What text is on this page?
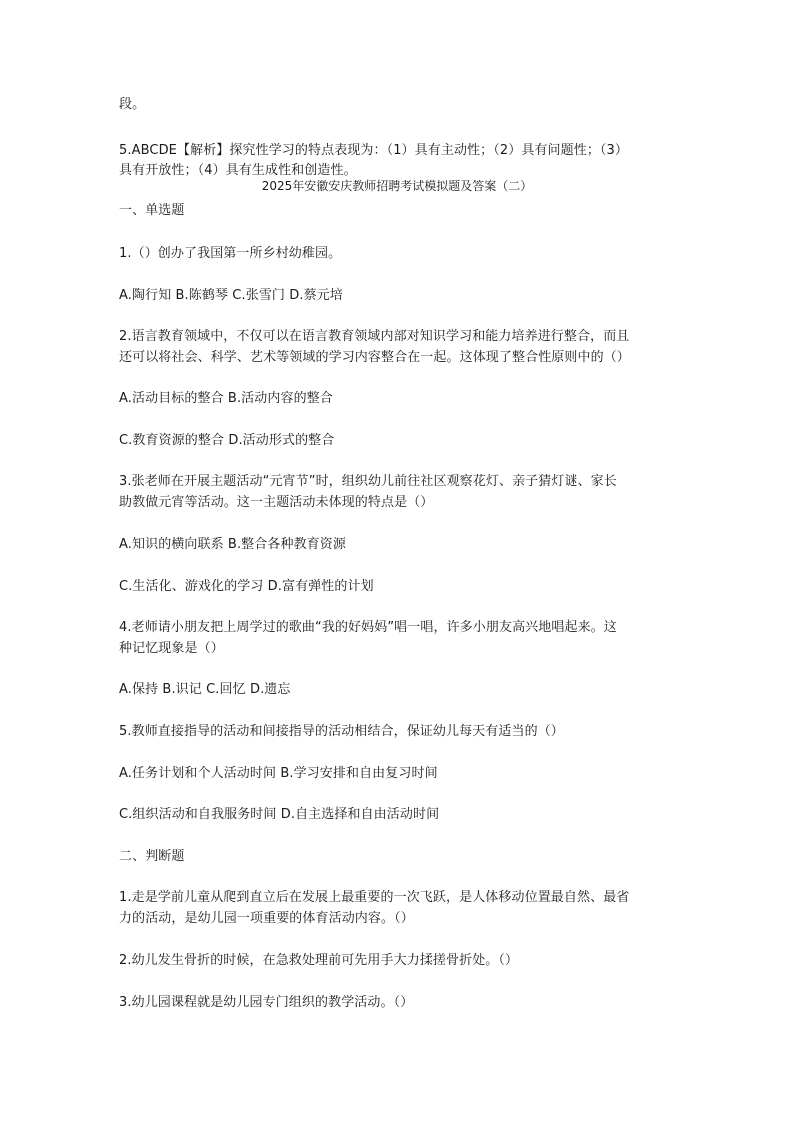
段。
5.ABCDE【解析】探究性学习的特点表现为：（1）具有主动性；（2）具有问题性；（3）
具有开放性；（4）具有生成性和创造性。
2025年安徽安庆教师招聘考试模拟题及答案（二）
一、单选题
1.（）创办了我国第一所乡村幼稚园。
A.陶行知 B.陈鹤琴 C.张雪门 D.蔡元培
2.语言教育领域中，不仅可以在语言教育领域内部对知识学习和能力培养进行整合，而且
还可以将社会、科学、艺术等领域的学习内容整合在一起。这体现了整合性原则中的（）
A.活动目标的整合 B.活动内容的整合
C.教育资源的整合 D.活动形式的整合
3.张老师在开展主题活动“元宵节”时，组织幼儿前往社区观察花灯、亲子猜灯谜、家长
助教做元宵等活动。这一主题活动未体现的特点是（）
A.知识的横向联系 B.整合各种教育资源
C.生活化、游戏化的学习 D.富有弹性的计划
4.老师请小朋友把上周学过的歌曲“我的好妈妈”唱一唱，许多小朋友高兴地唱起来。这
种记忆现象是（）
A.保持 B.识记 C.回忆 D.遗忘
5.教师直接指导的活动和间接指导的活动相结合，保证幼儿每天有适当的（）
A.任务计划和个人活动时间 B.学习安排和自由复习时间
C.组织活动和自我服务时间 D.自主选择和自由活动时间
二、判断题
1.走是学前儿童从爬到直立后在发展上最重要的一次飞跃，是人体移动位置最自然、最省
力的活动，是幼儿园一项重要的体育活动内容。（）
2.幼儿发生骨折的时候，在急救处理前可先用手大力揉搓骨折处。（）
3.幼儿园课程就是幼儿园专门组织的教学活动。（）
